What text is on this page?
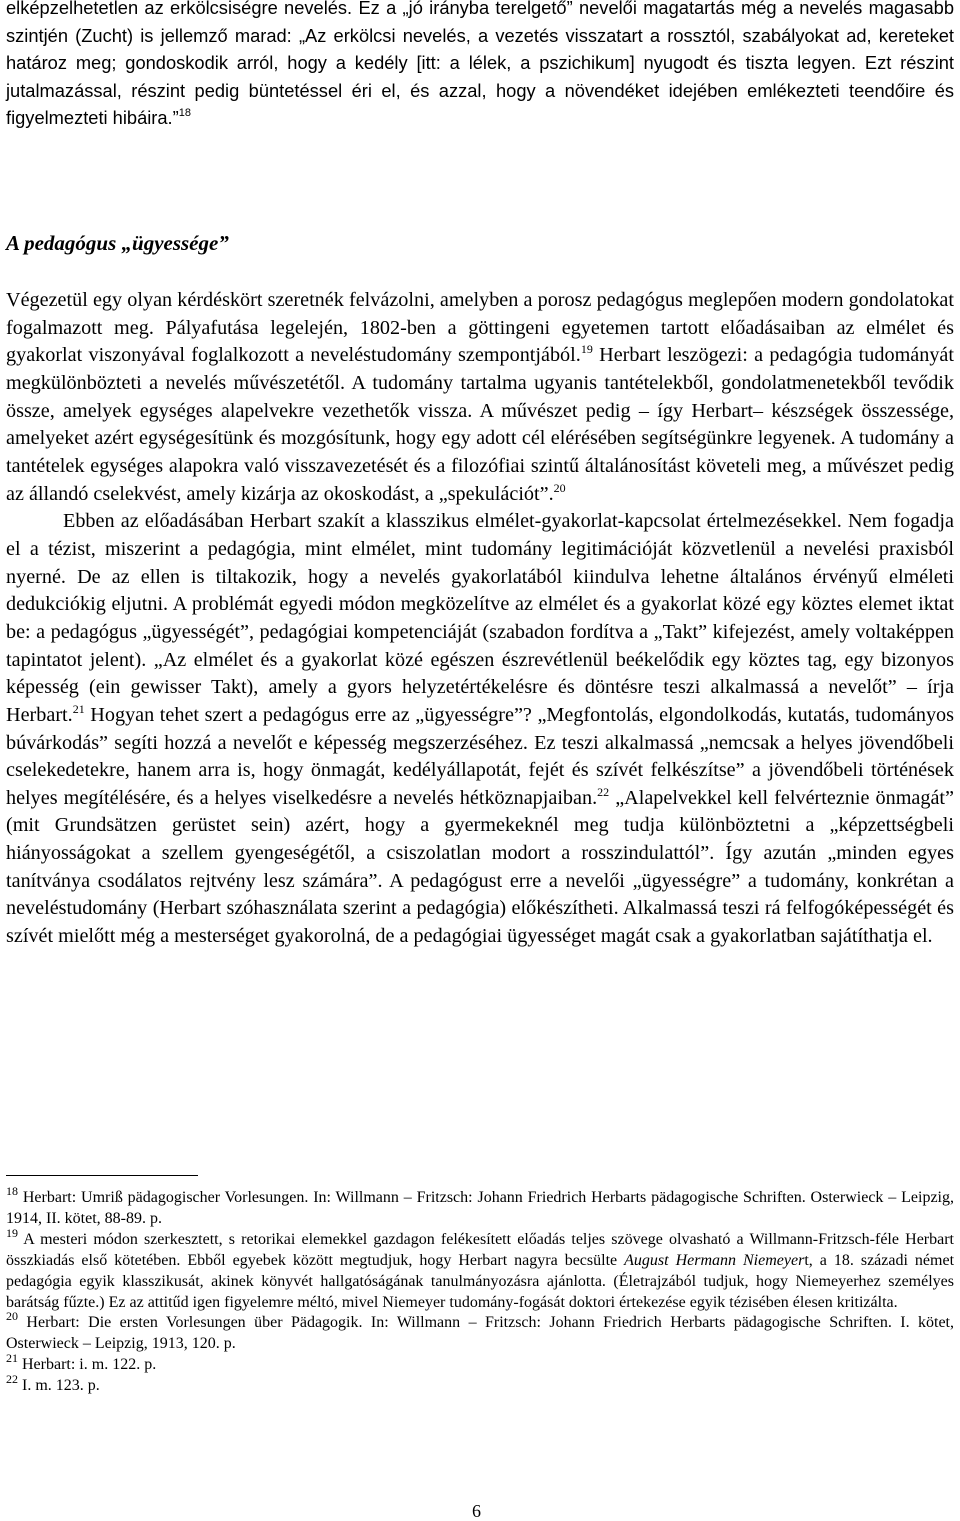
elképzelhetetlen az erkölcsiségre nevelés. Ez a „jó irányba terelgető” nevelői magatartás még a nevelés magasabb szintjén (Zucht) is jellemző marad: „Az erkölcsi nevelés, a vezetés visszatart a rossztól, szabályokat ad, kereteket határoz meg; gondoskodik arról, hogy a kedély [itt: a lélek, a pszichikum] nyugodt és tiszta legyen. Ezt részint jutalmazással, részint pedig büntetéssel éri el, és azzal, hogy a növendéket idejében emlékezteti teendőire és figyelmezteti hibáira.”$^{18}$

A pedagógus „ügyessége”

Végezetül egy olyan kérdéskört szeretnék felvázolni, amelyben a porosz pedagógus meglepően modern gondolatokat fogalmazott meg. Pályafutása legelején, 1802-ben a göttingeni egyetemen tartott előadásaiban az elmélet és gyakorlat viszonyával foglalkozott a neveléstudomány szempontjából.$^{19}$ Herbart leszögezi: a pedagógia tudományát megkülönbözteti a nevelés művészetétől. A tudomány tartalma ugyanis tantételekből, gondolatmenetekből tevődik össze, amelyek egységes alapelvekre vezethetők vissza. A művészet pedig – így Herbart– készségek összessége, amelyeket azért egységesítünk és mozgósítunk, hogy egy adott cél elérésében segítségünkre legyenek. A tudomány a tantételek egységes alapokra való visszavezetését és a filozófiai szintű általánosítást követeli meg, a művészet pedig az állandó cselekvést, amely kizárja az okoskodást, a „spekulációt”.$^{20}$

Ebben az előadásában Herbart szakít a klasszikus elmélet-gyakorlat-kapcsolat értelmezésekkel. Nem fogadja el a tézist, miszerint a pedagógia, mint elmélet, mint tudomány legitimációját közvetlenül a nevelési praxisból nyerné. De az ellen is tiltakozik, hogy a nevelés gyakorlatából kiindulva lehetne általános érvényű elméleti dedukciókig eljutni. A problémát egyedi módon megközelítve az elmélet és a gyakorlat közé egy köztes elemet iktat be: a pedagógus „ügyességét”, pedagógiai kompetenciáját (szabadon fordítva a „Takt” kifejezést, amely voltaképpen tapintatot jelent). „Az elmélet és a gyakorlat közé egészen észrevétlenül beékelődik egy köztes tag, egy bizonyos képesség (ein gewisser Takt), amely a gyors helyzetértékelésre és döntésre teszi alkalmassá a nevelőt” – írja Herbart.$^{21}$ Hogyan tehet szert a pedagógus erre az „ügyességre”? „Megfontolás, elgondolkodás, kutatás, tudományos búvárkodás” segíti hozzá a nevelőt e képesség megszerzéséhez. Ez teszi alkalmassá „nemcsak a helyes jövendőbeli cselekedetekre, hanem arra is, hogy önmagát, kedélyállapotát, fejét és szívét felkészítse” a jövendőbeli történések helyes megítélésére, és a helyes viselkedésre a nevelés hétköznapjaiban.$^{22}$ „Alapelvekkel kell felvérteznie önmagát” (mit Grundsätzen gerüstet sein) azért, hogy a gyermekeknél meg tudja különböztetni a „képzettségbeli hiányosságokat a szellem gyengeségétől, a csiszolatlan modort a rosszindulattól”. Így azután „minden egyes tanítványa csodálatos rejtvény lesz számára”. A pedagógust erre a nevelői „ügyességre” a tudomány, konkrétan a neveléstudomány (Herbart szóhasználata szerint a pedagógia) előkészítheti. Alkalmassá teszi rá felfogóképességét és szívét mielőtt még a mesterséget gyakorolná, de a pedagógiai ügyességet magát csak a gyakorlatban sajátíthatja el.

$^{18}$ Herbart: Umriß pädagogischer Vorlesungen. In: Willmann – Fritzsch: Johann Friedrich Herbarts pädagogische Schriften. Osterwieck – Leipzig, 1914, II. kötet, 88-89. p.

$^{19}$ A mesteri módon szerkesztett, s retorikai elemekkel gazdagon felékesített előadás teljes szövege olvasható a Willmann-Fritzsch-féle Herbart összkiadás első kötetében. Ebből egyebek között megtudjuk, hogy Herbart nagyra becsülte August Hermann Niemeyert, a 18. századi német pedagógia egyik klasszikusát, akinek könyvét hallgatóságának tanulmányozásra ajánlotta. (Életrajzából tudjuk, hogy Niemeyerhez személyes barátság fűzte.) Ez az attitűd igen figyelemre méltó, mivel Niemeyer tudomány-fogását doktori értekezése egyik tézisében élesen kritizálta.

$^{20}$ Herbart: Die ersten Vorlesungen über Pädagogik. In: Willmann – Fritzsch: Johann Friedrich Herbarts pädagogische Schriften. I. kötet, Osterwieck – Leipzig, 1913, 120. p.

$^{21}$ Herbart: i. m. 122. p.

$^{22}$ I. m. 123. p.

6
